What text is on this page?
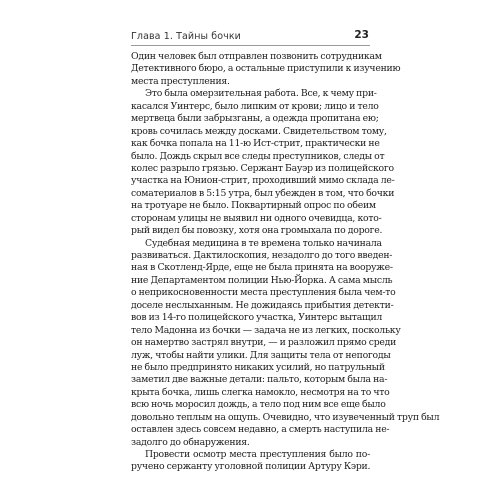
Глава 1. Тайны бочки	23
Один человек был отправлен позвонить сотрудникам
Детективного бюро, а остальные приступили к изучению
места преступления.
Это была омерзительная работа. Все, к чему при-
касался Уинтерс, было липким от крови; лицо и тело
мертвеца были забрызганы, а одежда пропитана ею;
кровь сочилась между досками. Свидетельством тому,
как бочка попала на 11-ю Ист-стрит, практически не
было. Дождь скрыл все следы преступников, следы от
колес разрыло грязью. Сержант Бауэр из полицейского
участка на Юнион-стрит, проходивший мимо склада ле-
соматериалов в 5:15 утра, был убежден в том, что бочки
на тротуаре не было. Поквартирный опрос по обеим
сторонам улицы не выявил ни одного очевидца, кото-
рый видел бы повозку, хотя она громыхала по дороге.
Судебная медицина в те времена только начинала
развиваться. Дактилоскопия, незадолго до того введен-
ная в Скотленд-Ярде, еще не была принята на вооруже-
ние Департаментом полиции Нью-Йорка. А сама мысль
о неприкосновенности места преступления была чем-то
доселе неслыханным. Не дожидаясь прибытия детекти-
вов из 14-го полицейского участка, Уинтерс вытащил
тело Мадонна из бочки — задача не из легких, поскольку
он намертво застрял внутри, — и разложил прямо среди
луж, чтобы найти улики. Для защиты тела от непогоды
не было предпринято никаких усилий, но патрульный
заметил две важные детали: пальто, которым была на-
крыта бочка, лишь слегка намокло, несмотря на то что
всю ночь моросил дождь, а тело под ним все еще было
довольно теплым на ощупь. Очевидно, что изувеченный труп был
оставлен здесь совсем недавно, а смерть наступила не-
задолго до обнаружения.
Провести осмотр места преступления было по-
ручено сержанту уголовной полиции Артуру Кэри.
